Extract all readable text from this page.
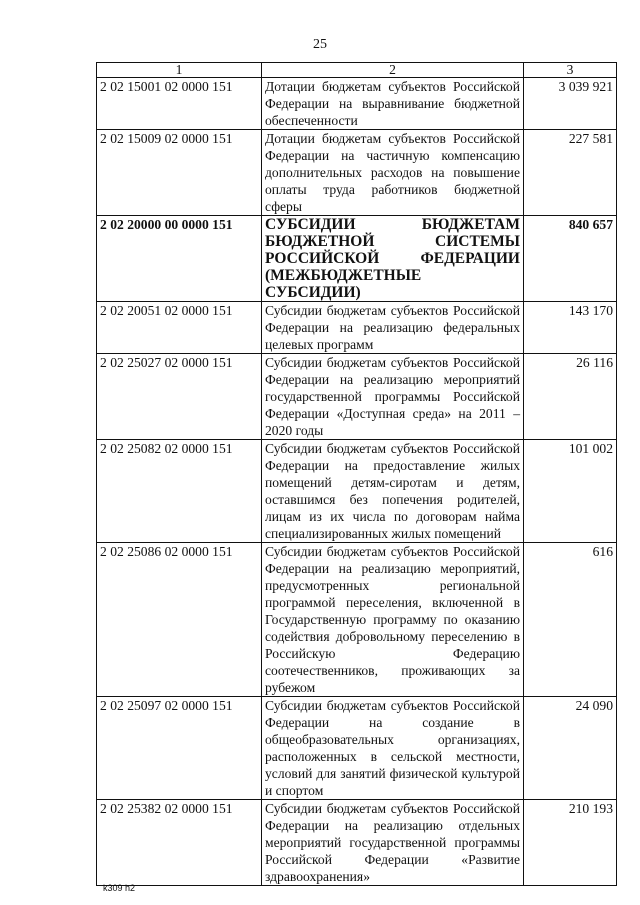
25
1	2	3
2 02 15001 02 0000 151	Дотации бюджетам субъектов Российской Федерации на выравнивание бюджетной обеспеченности	3 039 921
2 02 15009 02 0000 151	Дотации бюджетам субъектов Российской Федерации на частичную компенсацию дополнительных расходов на повышение оплаты труда работников бюджетной сферы	227 581
2 02 20000 00 0000 151	СУБСИДИИ БЮДЖЕТАМ БЮДЖЕТНОЙ СИСТЕМЫ РОССИЙСКОЙ ФЕДЕРАЦИИ (МЕЖБЮДЖЕТНЫЕ СУБСИДИИ)	840 657
2 02 20051 02 0000 151	Субсидии бюджетам субъектов Российской Федерации на реализацию федеральных целевых программ	143 170
2 02 25027 02 0000 151	Субсидии бюджетам субъектов Российской Федерации на реализацию мероприятий государственной программы Российской Федерации «Доступная среда» на 2011 – 2020 годы	26 116
2 02 25082 02 0000 151	Субсидии бюджетам субъектов Российской Федерации на предоставление жилых помещений детям-сиротам и детям, оставшимся без попечения родителей, лицам из их числа по договорам найма специализированных жилых помещений	101 002
2 02 25086 02 0000 151	Субсидии бюджетам субъектов Российской Федерации на реализацию мероприятий, предусмотренных региональной программой переселения, включенной в Государственную программу по оказанию содействия добровольному переселению в Российскую Федерацию соотечественников, проживающих за рубежом	616
2 02 25097 02 0000 151	Субсидии бюджетам субъектов Российской Федерации на создание в общеобразовательных организациях, расположенных в сельской местности, условий для занятий физической культурой и спортом	24 090
2 02 25382 02 0000 151	Субсидии бюджетам субъектов Российской Федерации на реализацию отдельных мероприятий государственной программы Российской Федерации «Развитие здравоохранения»	210 193
k309 h2
